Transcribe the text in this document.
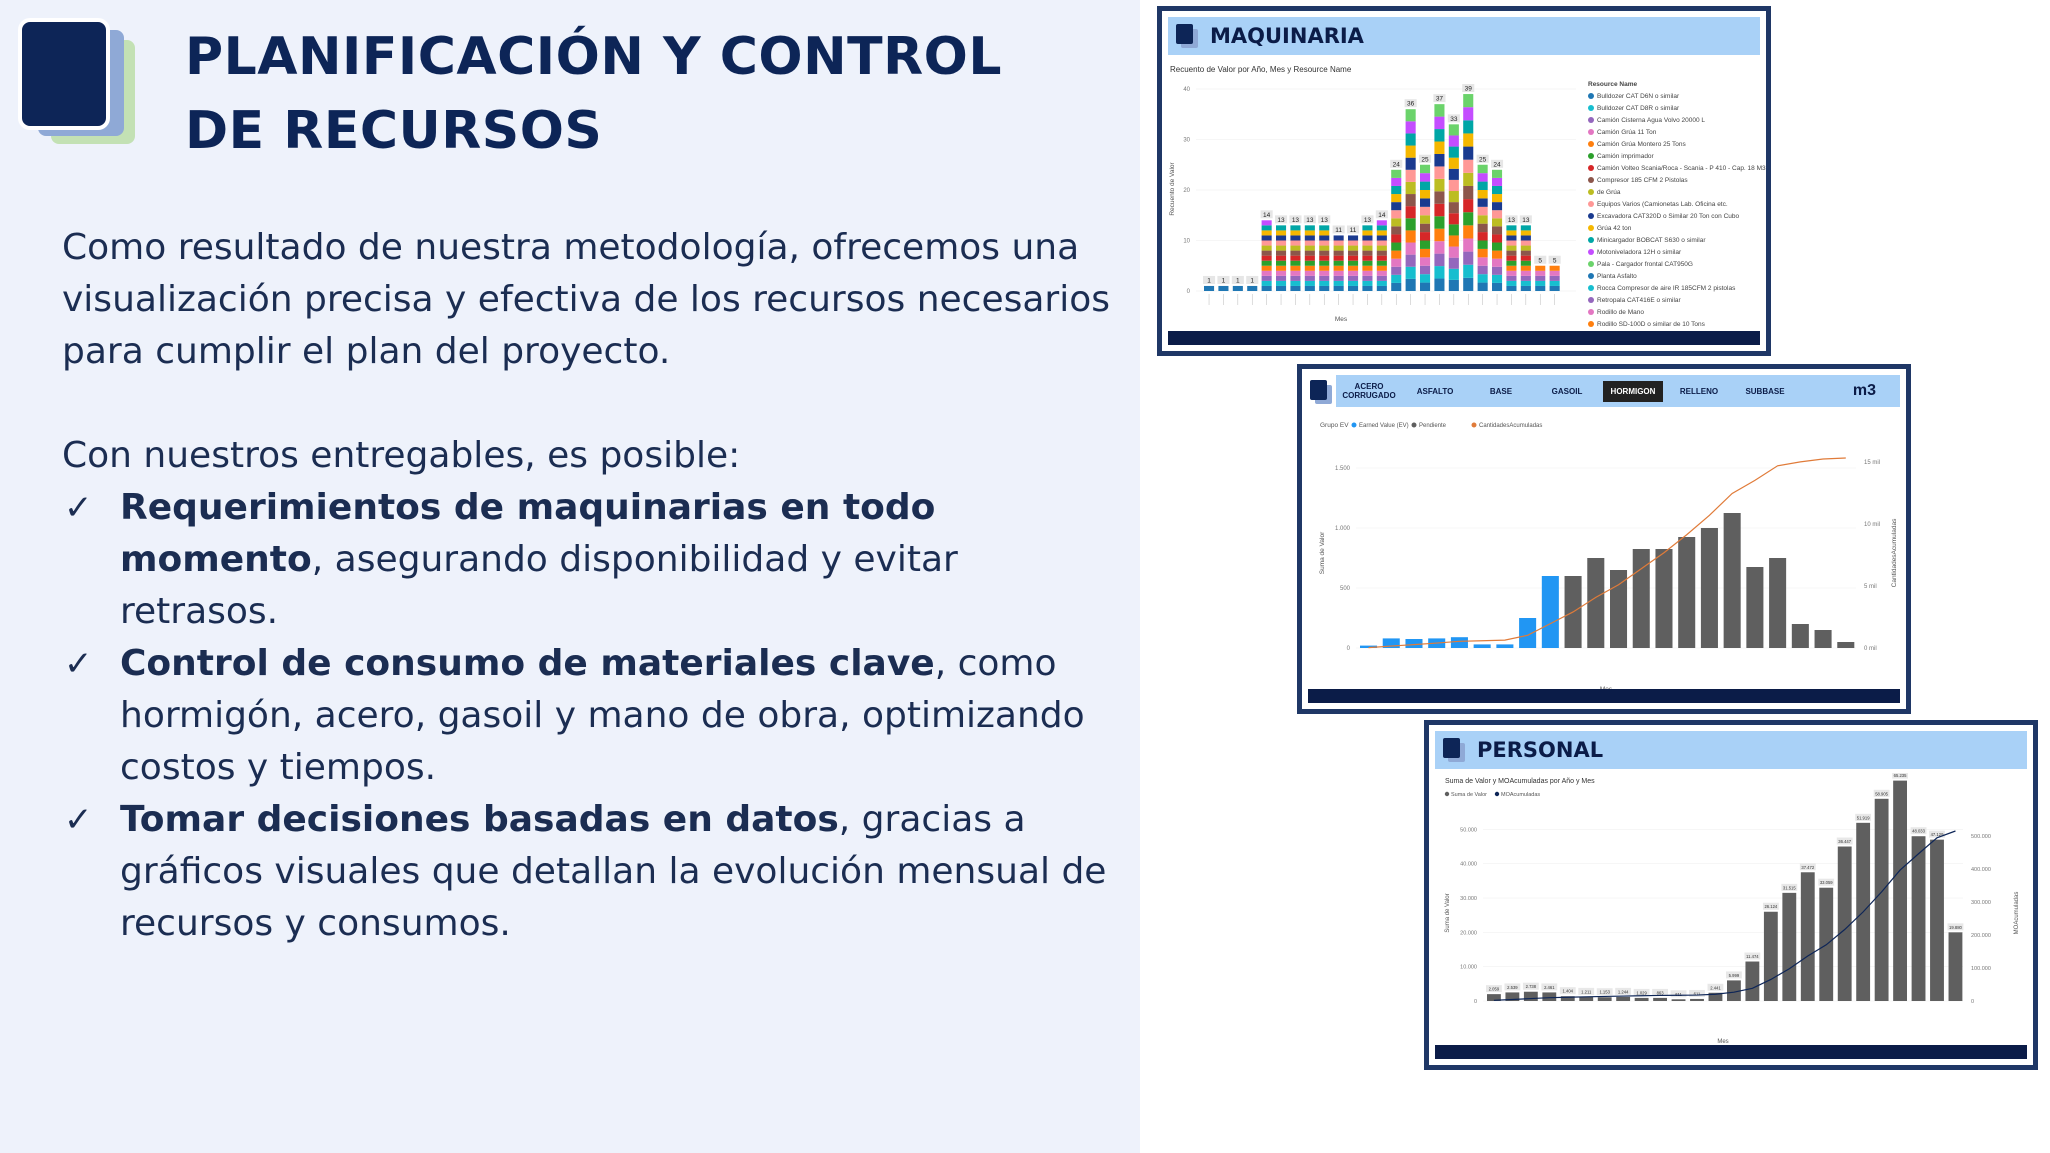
PLANIFICACIÓN Y CONTROL DE RECURSOS

Como resultado de nuestra metodología, ofrecemos una visualización precisa y efectiva de los recursos necesarios para cumplir el plan del proyecto.

Con nuestros entregables, es posible:

✓ Requerimientos de maquinarias en todo momento, asegurando disponibilidad y evitar retrasos.
✓ Control de consumo de materiales clave, como hormigón, acero, gasoil y mano de obra, optimizando costos y tiempos.
✓ Tomar decisiones basadas en datos, gracias a gráficos visuales que detallan la evolución mensual de recursos y consumos.
MAQUINARIA
Recuento de Valor por Año, Mes y Resource Name
0
10
20
30
40
Recuento de Valor
Mes
1 1 1 1
14
13 13 13 13
11 11
13
14
24
36
25
37
33
39
25
24
13 13
5 5
Resource Name
Bulldozer CAT D6N o similar
Bulldozer CAT D8R o similar
Camión Cisterna Agua Volvo 20000 L
Camión Grúa 11 Ton
Camión Grúa Montero 25 Tons
Camión imprimador
Camión Volteo Scania/Roca - Scania - P 410 - Cap. 18 M3
Compresor 185 CFM 2 Pistolas
de Grúa
Equipos Varios (Camionetas Lab. Oficina etc.
Excavadora CAT320D o Similar 20 Ton con Cubo
Grúa 42 ton
Minicargador BOBCAT S630 o similar
Motoniveladora 12H o similar
Pala - Cargador frontal CAT950G
Planta Asfalto
Rocca Compresor de aire IR 185CFM 2 pistolas
Retropala CAT416E o similar
Rodillo de Mano
Rodillo SD-100D o similar de 10 Tons
ACERO CORRUGADO	ASFALTO	BASE	GASOIL	HORMIGON	RELLENO	SUBBASE	m3
Grupo EV Earned Value (EV) Pendiente	CantidadesAcumuladas
0
500
1.000
1.500
0 mil
5 mil
10 mil
15 mil
Suma de Valor	CantidadesAcumuladas
PERSONAL
Suma de Valor y MOAcumuladas por Año y Mes
Suma de Valor	MOAcumuladas
0
10.000
20.000
30.000
40.000
50.000
0
100.000
200.000
300.000
400.000
500.000
Suma de Valor	MOAcumuladas
Mes
2.059 2.539 2.738 2.461
1.404 1.211 1.153 1.244 1.029 863	611	611
2.441
5.999
11.474
26.124
31.515
37.472
33.059
36.447
51.919
58.905
65.235
48.033
47.129
19.880
